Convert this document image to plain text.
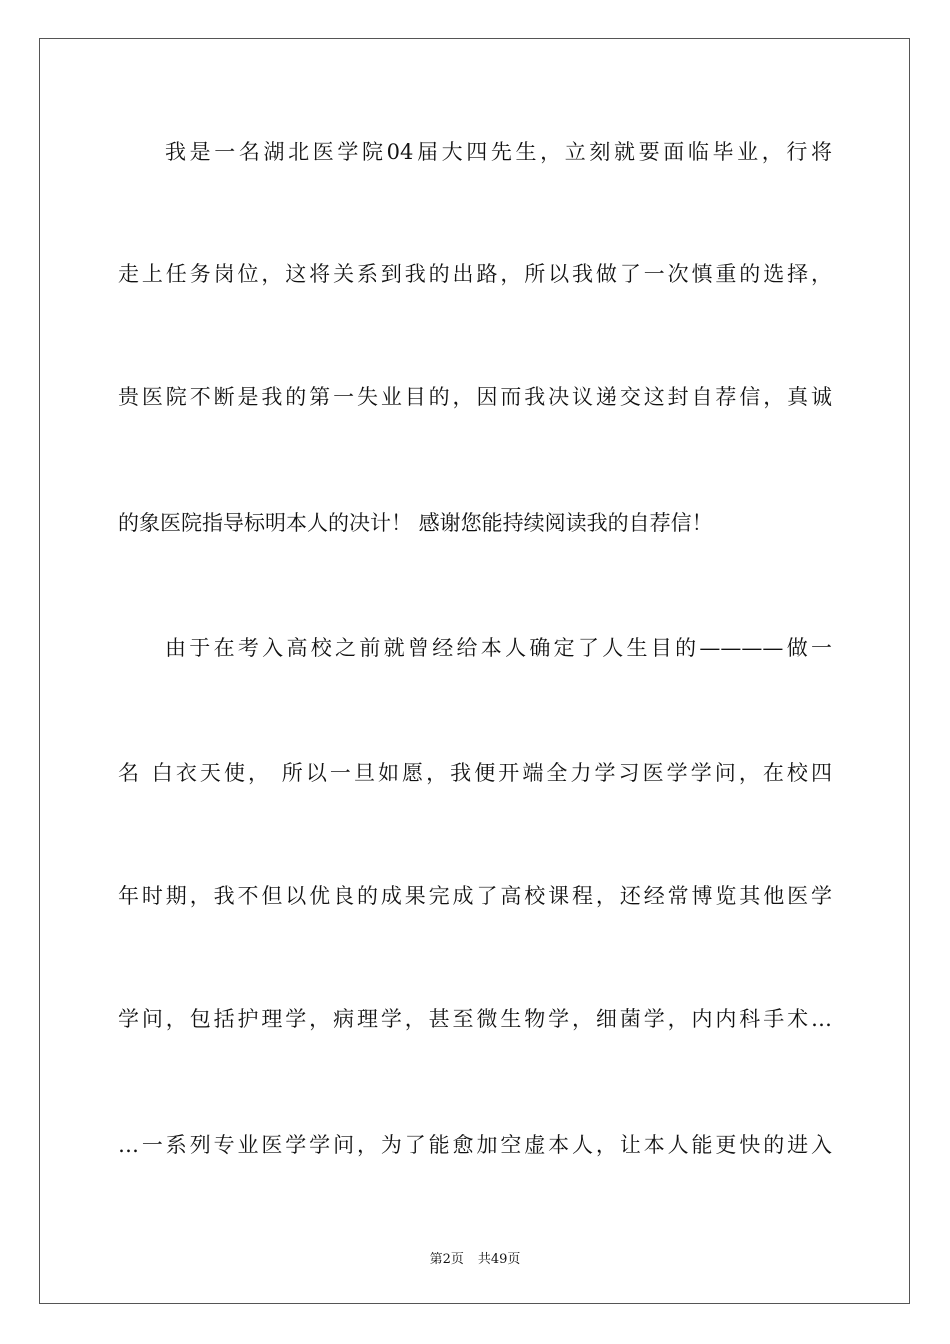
我是一名湖北医学院04届大四先生，立刻就要面临毕业，行将

走上任务岗位，这将关系到我的出路，所以我做了一次慎重的选择，

贵医院不断是我的第一失业目的，因而我决议递交这封自荐信，真诚

的象医院指导标明本人的决计！ 感谢您能持续阅读我的自荐信！

由于在考入高校之前就曾经给本人确定了人生目的————做一

名 白衣天使， 所以一旦如愿，我便开端全力学习医学学问，在校四

年时期，我不但以优良的成果完成了高校课程，还经常博览其他医学

学问，包括护理学，病理学，甚至微生物学，细菌学，内内科手术…

…一系列专业医学学问，为了能愈加空虚本人，让本人能更快的进入

第2页 共49页
